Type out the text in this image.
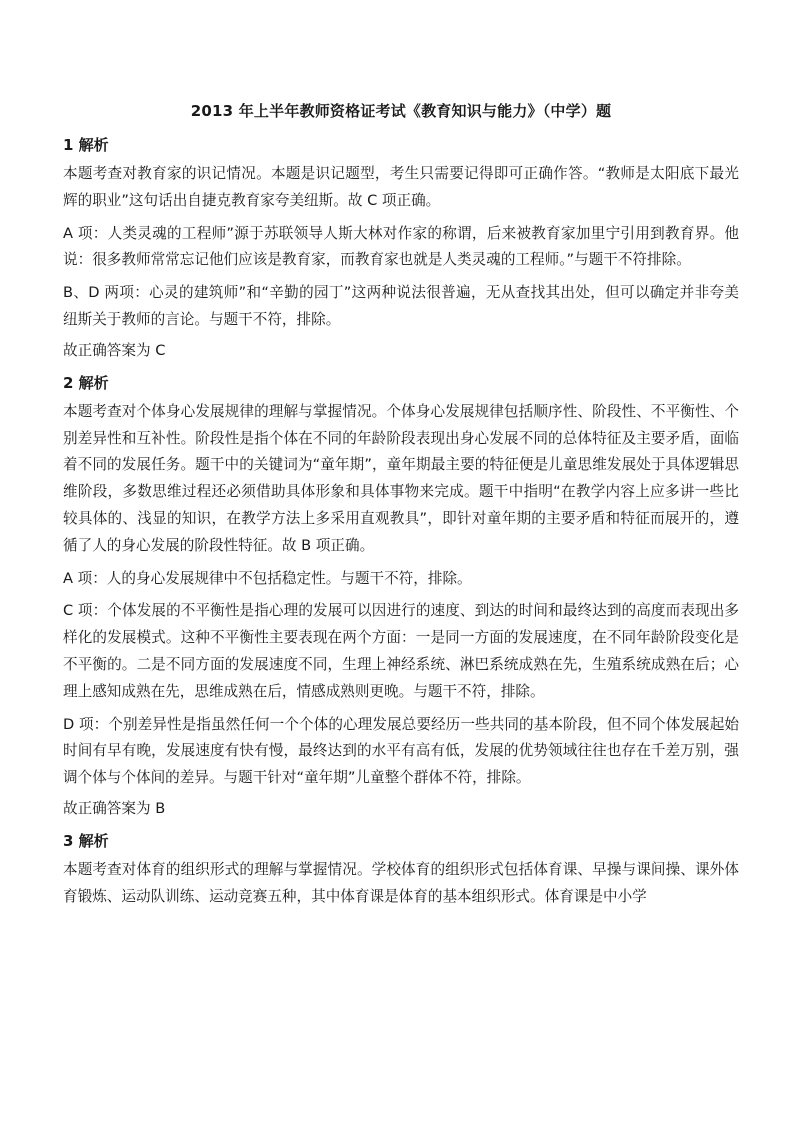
2013 年上半年教师资格证考试《教育知识与能力》（中学）题
1 解析

本题考查对教育家的识记情况。本题是识记题型，考生只需要记得即可正确作答。“教师是太阳底下最光辉的职业”这句话出自捷克教育家夸美纽斯。故 C 项正确。

A 项：人类灵魂的工程师”源于苏联领导人斯大林对作家的称谓，后来被教育家加里宁引用到教育界。他说：很多教师常常忘记他们应该是教育家，而教育家也就是人类灵魂的工程师。”与题干不符排除。

B、D 两项：心灵的建筑师”和“辛勤的园丁”这两种说法很普遍，无从查找其出处，但可以确定并非夸美纽斯关于教师的言论。与题干不符，排除。

故正确答案为 C
2 解析

本题考查对个体身心发展规律的理解与掌握情况。个体身心发展规律包括顺序性、阶段性、不平衡性、个别差异性和互补性。阶段性是指个体在不同的年龄阶段表现出身心发展不同的总体特征及主要矛盾，面临着不同的发展任务。题干中的关键词为“童年期”，童年期最主要的特征便是儿童思维发展处于具体逻辑思维阶段，多数思维过程还必须借助具体形象和具体事物来完成。题干中指明“在教学内容上应多讲一些比较具体的、浅显的知识，在教学方法上多采用直观教具”，即针对童年期的主要矛盾和特征而展开的，遵循了人的身心发展的阶段性特征。故 B 项正确。

A 项：人的身心发展规律中不包括稳定性。与题干不符，排除。

C 项：个体发展的不平衡性是指心理的发展可以因进行的速度、到达的时间和最终达到的高度而表现出多样化的发展模式。这种不平衡性主要表现在两个方面：一是同一方面的发展速度，在不同年龄阶段变化是不平衡的。二是不同方面的发展速度不同，生理上神经系统、淋巴系统成熟在先，生殖系统成熟在后；心理上感知成熟在先，思维成熟在后，情感成熟则更晚。与题干不符，排除。

D 项：个别差异性是指虽然任何一个个体的心理发展总要经历一些共同的基本阶段，但不同个体发展起始时间有早有晚，发展速度有快有慢，最终达到的水平有高有低，发展的优势领域往往也存在千差万别，强调个体与个体间的差异。与题干针对“童年期”儿童整个群体不符，排除。

故正确答案为 B
3 解析

本题考查对体育的组织形式的理解与掌握情况。学校体育的组织形式包括体育课、早操与课间操、课外体育锻炼、运动队训练、运动竞赛五种，其中体育课是体育的基本组织形式。体育课是中小学
